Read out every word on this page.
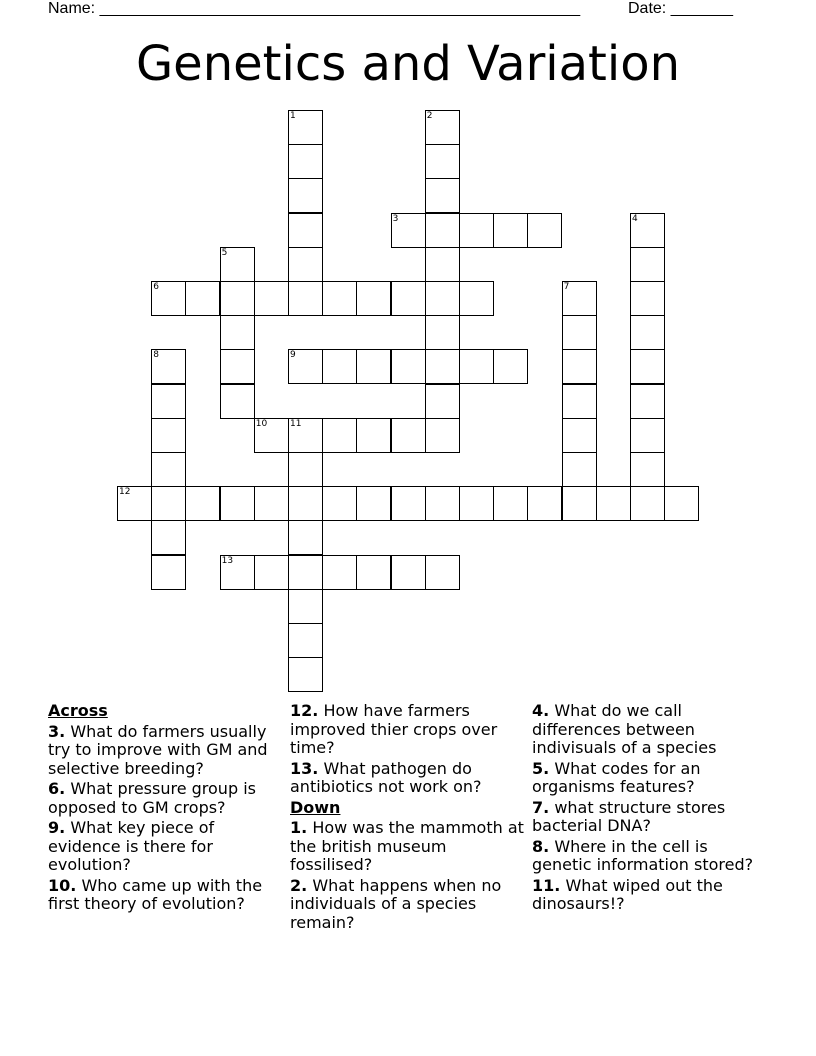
Name: ______________________________________________________	Date: _______
Genetics and Variation
1	2
3	4
5
6	7
8	9
10	11
12
13
Across
3. What do farmers usually try to improve with GM and selective breeding?
6. What pressure group is opposed to GM crops?
9. What key piece of evidence is there for evolution?
10. Who came up with the first theory of evolution?
12. How have farmers improved thier crops over time?
13. What pathogen do antibiotics not work on?
Down
1. How was the mammoth at the british museum fossilised?
2. What happens when no individuals of a species remain?
4. What do we call differences between indivisuals of a species
5. What codes for an organisms features?
7. what structure stores bacterial DNA?
8. Where in the cell is genetic information stored?
11. What wiped out the dinosaurs!?
